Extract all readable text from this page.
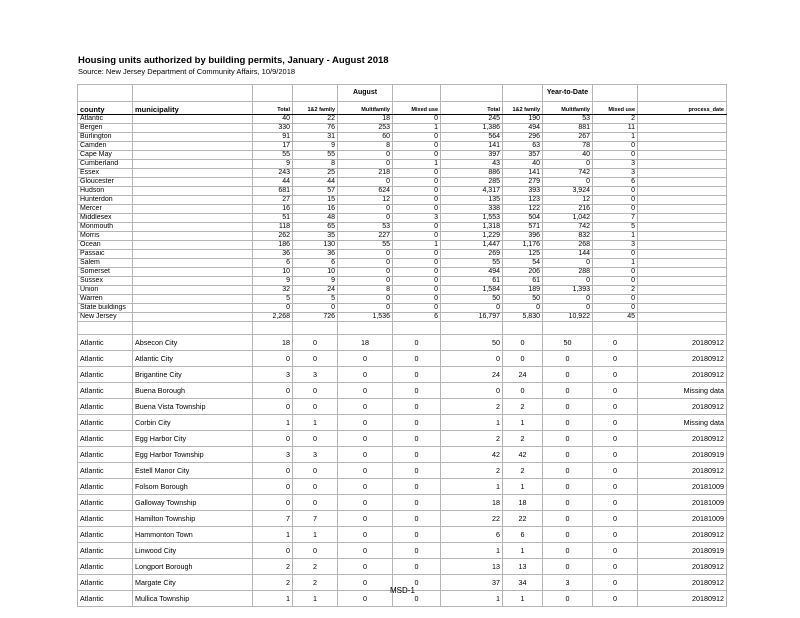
Housing units authorized by building permits, January - August 2018
Source: New Jersey Department of Community Affairs, 10/9/2018
				August				Year-to-Date		
county	municipality	Total	1&2 family	Multifamily	Mixed use	Total	1&2 family	Multifamily	Mixed use	process_date
Atlantic		40	22	18	0	245	190	53	2	
Bergen		330	76	253	1	1,386	494	881	11	
Burlington		91	31	60	0	564	296	267	1	
Camden		17	9	8	0	141	63	78	0	
Cape May		55	55	0	0	397	357	40	0	
Cumberland		9	8	0	1	43	40	0	3	
Essex		243	25	218	0	886	141	742	3	
Gloucester		44	44	0	0	285	279	0	6	
Hudson		681	57	624	0	4,317	393	3,924	0	
Hunterdon		27	15	12	0	135	123	12	0	
Mercer		16	16	0	0	338	122	216	0	
Middlesex		51	48	0	3	1,553	504	1,042	7	
Monmouth		118	65	53	0	1,318	571	742	5	
Morris		262	35	227	0	1,229	396	832	1	
Ocean		186	130	55	1	1,447	1,176	268	3	
Passaic		36	36	0	0	269	125	144	0	
Salem		6	6	0	0	55	54	0	1	
Somerset		10	10	0	0	494	206	288	0	
Sussex		9	9	0	0	61	61	0	0	
Union		32	24	8	0	1,584	189	1,393	2	
Warren		5	5	0	0	50	50	0	0	
State buildings		0	0	0	0	0	0	0	0	
New Jersey		2,268	726	1,536	6	16,797	5,830	10,922	45	

Atlantic	Absecon City	18	0	18	0	50	0	50	0	20180912
Atlantic	Atlantic City	0	0	0	0	0	0	0	0	20180912
Atlantic	Brigantine City	3	3	0	0	24	24	0	0	20180912
Atlantic	Buena Borough	0	0	0	0	0	0	0	0	Missing data
Atlantic	Buena Vista Township	0	0	0	0	2	2	0	0	20180912
Atlantic	Corbin City	1	1	0	0	1	1	0	0	Missing data
Atlantic	Egg Harbor City	0	0	0	0	2	2	0	0	20180912
Atlantic	Egg Harbor Township	3	3	0	0	42	42	0	0	20180919
Atlantic	Estell Manor City	0	0	0	0	2	2	0	0	20180912
Atlantic	Folsom Borough	0	0	0	0	1	1	0	0	20181009
Atlantic	Galloway Township	0	0	0	0	18	18	0	0	20181009
Atlantic	Hamilton Township	7	7	0	0	22	22	0	0	20181009
Atlantic	Hammonton Town	1	1	0	0	6	6	0	0	20180912
Atlantic	Linwood City	0	0	0	0	1	1	0	0	20180919
Atlantic	Longport Borough	2	2	0	0	13	13	0	0	20180912
Atlantic	Margate City	2	2	0	0	37	34	3	0	20180912
Atlantic	Mullica Township	1	1	0	0	1	1	0	0	20180912
MSD-1
